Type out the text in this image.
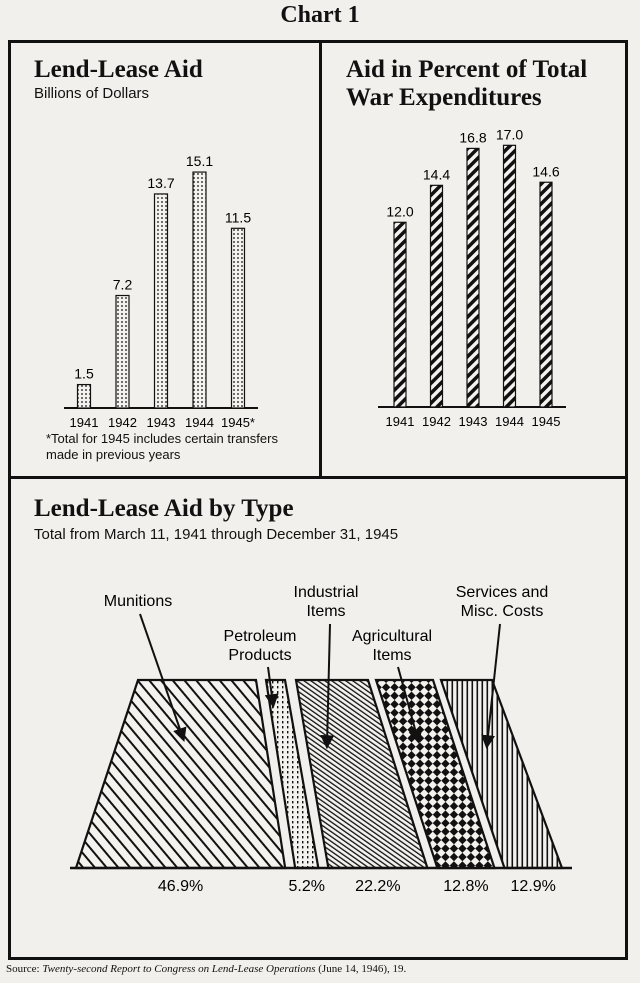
Chart 1
Lend-Lease Aid
Billions of Dollars
*Total for 1945 includes certain transfers
made in previous years
Aid in Percent of Total
War Expenditures
Lend-Lease Aid by Type
Total from March 11, 1941 through December 31, 1945
1.5
1941
7.2
1942
13.7
1943
15.1
1944
11.5
1945*
12.0
1941
14.4
1942
16.8
1943
17.0
1944
14.6
1945
46.9%
Munitions
5.2%
Petroleum
Products
22.2%
Industrial
Items
12.8%
Agricultural
Items
12.9%
Services and
Misc. Costs
Source: Twenty-second Report to Congress on Lend-Lease Operations (June 14, 1946), 19.
